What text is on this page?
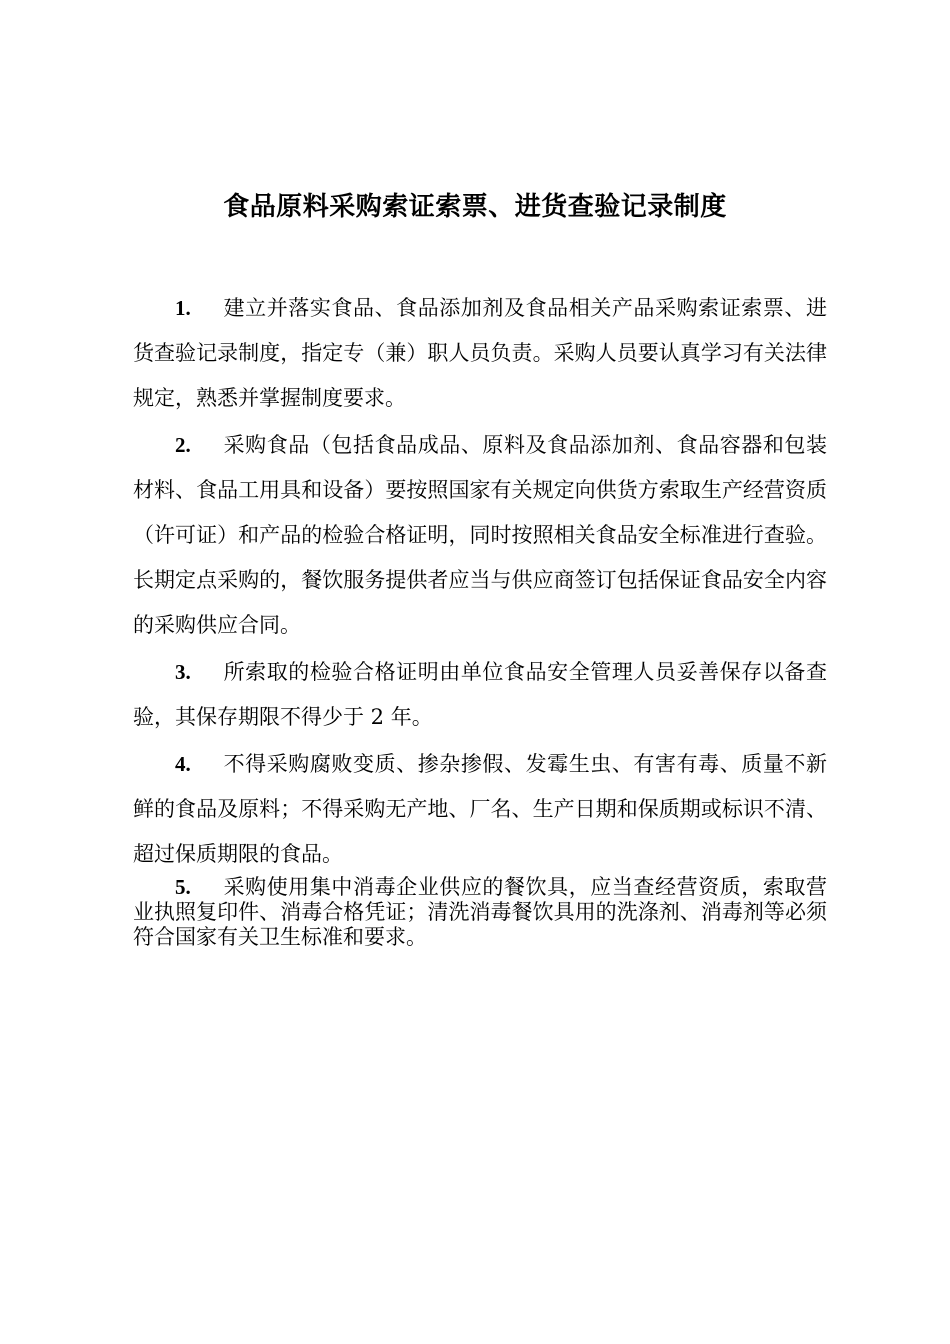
食品原料采购索证索票、进货查验记录制度

1. 建立并落实食品、食品添加剂及食品相关产品采购索证索票、进货查验记录制度，指定专（兼）职人员负责。采购人员要认真学习有关法律规定，熟悉并掌握制度要求。

2. 采购食品（包括食品成品、原料及食品添加剂、食品容器和包装材料、食品工用具和设备）要按照国家有关规定向供货方索取生产经营资质（许可证）和产品的检验合格证明，同时按照相关食品安全标准进行查验。长期定点采购的，餐饮服务提供者应当与供应商签订包括保证食品安全内容的采购供应合同。

3. 所索取的检验合格证明由单位食品安全管理人员妥善保存以备查验，其保存期限不得少于 2 年。

4. 不得采购腐败变质、掺杂掺假、发霉生虫、有害有毒、质量不新鲜的食品及原料；不得采购无产地、厂名、生产日期和保质期或标识不清、超过保质期限的食品。

5. 采购使用集中消毒企业供应的餐饮具，应当查经营资质，索取营业执照复印件、消毒合格凭证；清洗消毒餐饮具用的洗涤剂、消毒剂等必须符合国家有关卫生标准和要求。
